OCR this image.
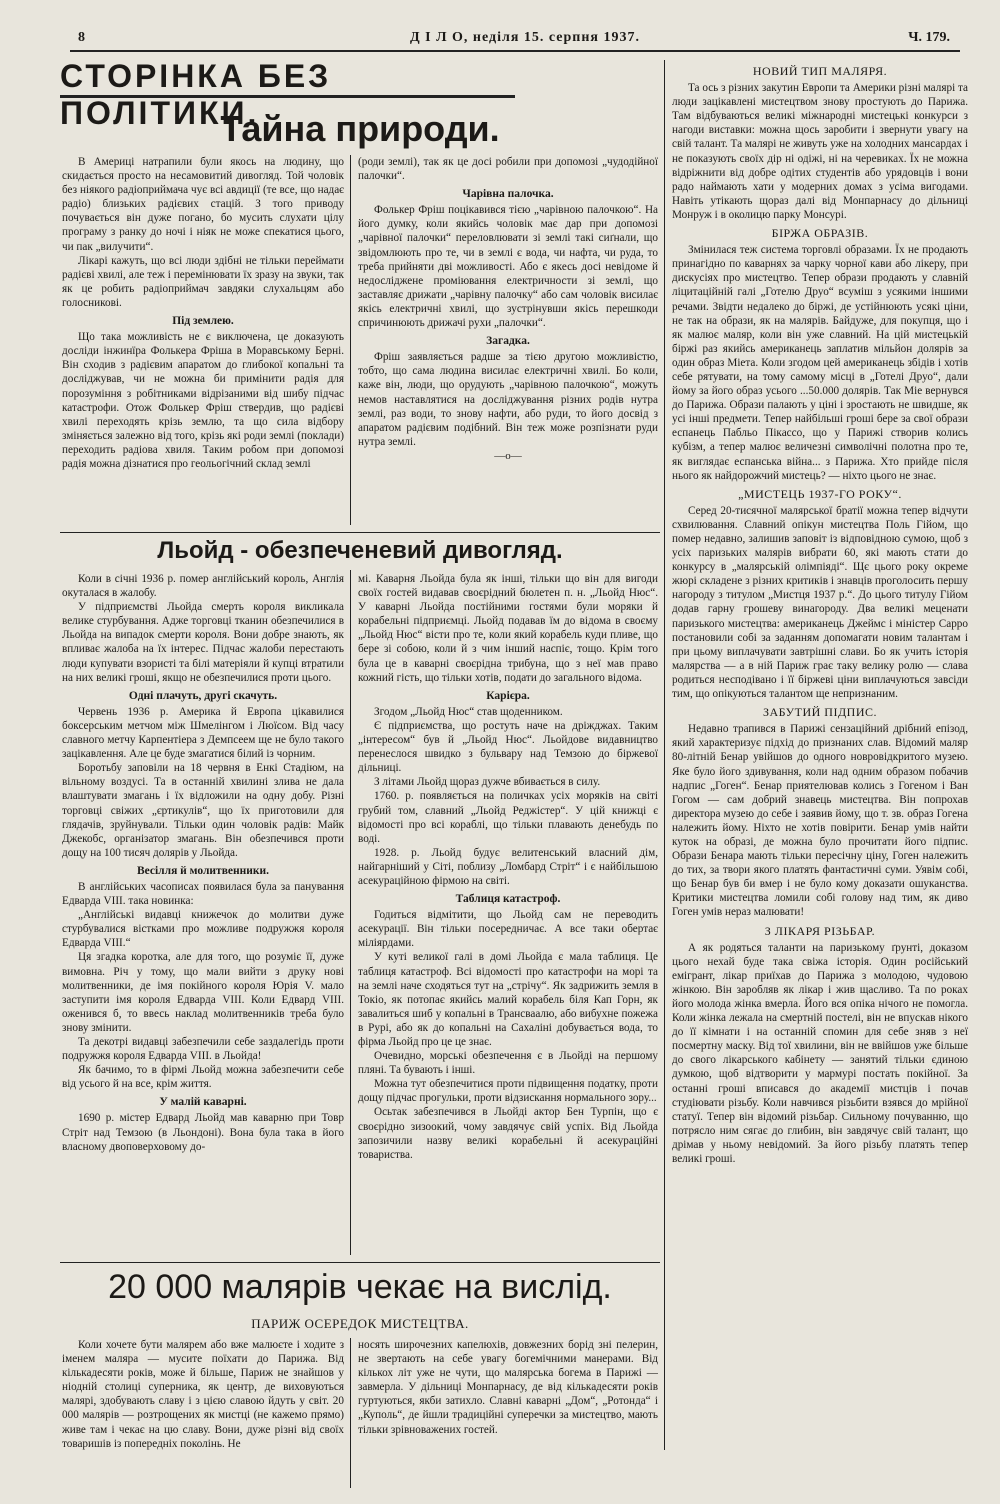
8	Д І Л О, неділя 15. серпня 1937.	Ч. 179.
СТОРІНКА БЕЗ ПОЛІТИКИ.
Тайна природи.

В Америці натрапили були якось на людину, що скидається просто на несамовитий дивогляд. Той чоловік без ніякого радіоприймача чує всі авдиції (те все, що надає радіо) близьких радієвих стацій. З того приводу почувається він дуже погано, бо мусить слухати цілу програму з ранку до ночі і ніяк не може спекатися цього, чи пак „вилучити“.

Лікарі кажуть, що всі люди здібні не тільки переймати радієві хвилі, але теж і перемінювати їх зразу на звуки, так як це робить радіоприймач завдяки слухальцям або голосникові.

Під землею.

Що така можливість не є виключена, це доказують досліди інжинїра Фолькера Фріша в Моравському Берні. Він сходив з радієвим апаратом до глибокої копальні та досліджував, чи не можна би примінити радія для порозуміння з робітниками відрізаними від шибу підчас катастрофи. Отож Фолькер Фріш ствердив, що радієві хвилі переходять крізь землю, та що сила відбору зміняється залежно від того, крізь які роди землі (поклади) переходить радіова хвиля. Таким робом при допомозі радія можна дізнатися про геольогічний склад землі

(роди землі), так як це досі робили при допомозі „чудодійної палочки“.

Чарівна палочка.

Фолькер Фріш поцікавився тією „чарівною палочкою“. На його думку, коли якийсь чоловік має дар при допомозі „чарівної палочки“ переловлювати зі землі такі сиґнали, що звідомлюють про те, чи в землі є вода, чи нафта, чи руда, то треба прийняти дві можливості. Або є якесь досі невідоме й недосліджене проміювання електричности зі землі, що заставляє дрижати „чарівну палочку“ або сам чоловік висилає якісь електричні хвилі, що зустрінувши якісь перешкоди спричинюють дрижачі рухи „палочки“.

Загадка.

Фріш заявляється радше за тією другою можливістю, тобто, що сама людина висилає електричні хвилі. Бо коли, каже він, люди, що орудують „чарівною палочкою“, можуть немов наставлятися на досліджування різних родів нутра землі, раз води, то знову нафти, або руди, то його досвід з апаратом радієвим подібний. Він теж може розпізнати руди нутра землі.

—o—
Льойд - обезпеченевий дивогляд.

Коли в січні 1936 р. помер англійський король, Англія окуталася в жалобу.

У підприємстві Льойда смерть короля викликала велике стурбування. Адже торговці тканин обезпечилися в Льойда на випадок смерти короля. Вони добре знають, як впливає жалоба на їх інтерес. Підчас жалоби перестають люди купувати взористі та білі матеріяли й купці втратили на них великі гроші, якщо не обезпечилися проти цього.

Одні плачуть, другі скачуть.

Червень 1936 р. Америка й Европа цікавилися боксерським метчом між Шмелінгом і Люїсом. Від часу славного метчу Карпентіера з Демпсеем ще не було такого зацікавлення. Але це буде змагатися білий із чорним.

Боротьбу заповіли на 18 червня в Енкі Стадіюм, на вільному воздусі. Та в останній хвилині злива не дала влаштувати змагань і їх відложили на одну добу. Різні торговці свіжих „єртикулів“, що їх приготовили для глядачів, зруйнували. Тільки один чоловік радів: Майк Джекобс, організатор змагань. Він обезпечився проти дощу на 100 тисяч долярів у Льойда.

Весілля й молитвенники.

В англійських часописах появилася була за панування Едварда VIII. така новинка:

„Англійські видавці книжечок до молитви дуже стурбувалися вістками про можливе подружжя короля Едварда VIII.“

Ця згадка коротка, але для того, що розуміє її, дуже вимовна. Річ у тому, що мали вийти з друку нові молитвенники, де імя покійного короля Юрія V. мало заступити імя короля Едварда VIII. Коли Едвард VIII. оженився б, то ввесь наклад молитвенників треба було знову змінити.

Та декотрі видавці забезпечили себе заздалегідь проти подружжя короля Едварда VIII. в Льойда!

Як бачимо, то в фірмі Льойд можна забезпечити себе від усього й на все, крім життя.

У малій каварні.

1690 р. містер Едвард Льойд мав каварню при Товр Стріт над Темзою (в Льондоні). Вона була така в його власному двоповерховому до-

мі. Каварня Льойда була як інші, тільки що він для вигоди своїх гостей видавав своєрідний бюлетен п. н. „Льойд Нюс“. У каварні Льойда постійними гостями були моряки й корабельні підприємці. Льойд подавав їм до відома в своєму „Льойд Нюс“ вісти про те, коли який корабель куди пливе, що бере зі собою, коли й з чим інший наспіє, тощо. Крім того була це в каварні своєрідна трибуна, що з неї мав право кожний гість, що тільки хотів, подати до загального відома.

Карієра.

Згодом „Льойд Нюс“ став щоденником.

Є підприємства, що ростуть наче на дріжджах. Таким „інтересом“ був й „Льойд Нюс“. Льойдове видавництво перенеслося швидко з бульвару над Темзою до біржевої дільниці.

З літами Льойд щораз дужче вбивається в силу.

1760. р. появляється на поличках усіх моряків на світі грубий том, славний „Льойд Реджістер“. У цій книжці є відомості про всі кораблі, що тільки плавають денебудь по воді.

1928. р. Льойд будує велитенський власний дім, найгарніший у Сіті, поблизу „Ломбард Стріт“ і є найбільшою асекураційною фірмою на світі.

Таблиця катастроф.

Годиться відмітити, що Льойд сам не переводить асекурації. Він тільки посередничає. А все таки обертає міліярдами.

У куті великої галі в домі Льойда є мала таблиця. Це таблиця катастроф. Всі відомості про катастрофи на морі та на землі наче сходяться тут на „стрічу“. Як задрижить земля в Токіо, як потопає якийсь малий корабель біля Кап Горн, як завалиться шиб у копальні в Трансваалю, або вибухне пожежа в Рурі, або як до копальні на Сахаліні добувається вода, то фірма Льойд про це це знає.

Очевидно, морські обезпечення є в Льойді на першому пляні. Та бувають і інші.

Можна тут обезпечитися проти підвищення податку, проти дощу підчас прогульки, проти відзискання нормального зору...

Осьтак забезпечився в Льойді актор Бен Турпін, що є своєрідно зизоокий, чому завдячує свій успіх. Від Льойда запозичили назву великі корабельні й асекураційні товариства.

20 000 малярів чекає на вислід.
ПАРИЖ ОСЕРЕДОК МИСТЕЦТВА.

Коли хочете бути малярем або вже малюєте і ходите з іменем маляра — мусите поїхати до Парижа. Від кількадесяти років, може й більше, Париж не знайшов у ніодній столиці суперника, як центр, де виховуються малярі, здобувають славу і з цією славою йдуть у світ. 20 000 малярів — розтрощених як мистці (не кажемо прямо) живе там і чекає на цю славу. Вони, дуже різні від своїх товаришів із попередніх поколінь. Не

носять широчезних капелюхів, довжезних борід зні пелерин, не звертають на себе увагу богемічними манерами. Від кількох літ уже не чути, що малярська богема в Парижі — завмерла. У дільниці Монпарнасу, де від кількадесяти років гуртуються, якби затихло. Славні каварні „Дом“, „Ротонда“ і „Куполь“, де йшли традиційні суперечки за мистецтво, мають тільки зрівноважених гостей.

НОВИЙ ТИП МАЛЯРЯ.

Та ось з різних закутин Европи та Америки різні малярі та люди зацікавлені мистецтвом знову простують до Парижа. Там відбуваються великі міжнародні мистецькі конкурси з нагоди виставки: можна щось заробити і звернути увагу на свій талант. Та малярі не живуть уже на холодних мансардах і не показують своїх дір ні одіжі, ні на черевиках. Їх не можна відріжнити від добре одітих студентів або урядовців і вони радо наймають хати у модерних домах з усіма вигодами. Навіть утікають щораз далі від Монпарнасу до дільниці Монруж і в околицю парку Монсурі.

БІРЖА ОБРАЗІВ.

Змінилася теж система торговлі образами. Їх не продають принагідно по каварнях за чарку чорної кави або лікеру, при дискусіях про мистецтво. Тепер образи продають у славній ліцитаційній галі „Готелю Друо“ всуміш з усякими іншими речами. Звідти недалеко до біржі, де устійнюють усякі ціни, не так на образи, як на малярів. Байдуже, для покупця, що і як малює маляр, коли він уже славний. На цій мистецькій біржі раз якийсь американець заплатив мільйон долярів за один образ Міета. Коли згодом цей американець збідів і хотів себе рятувати, на тому самому місці в „Готелі Друо“, дали йому за його образ усього ...50.000 долярів. Так Міе вернувся до Парижа. Образи палають у ціні і зростають не швидше, як усі інші предмети. Тепер найбільші гроші бере за свої образи еспанець Пабльо Пікассо, що у Парижі створив колись кубізм, а тепер малює величезні символічні полотна про те, як виглядає еспанська війна... з Парижа. Хто прийде після нього як найдорожчий мистець? — ніхто цього не знає.

„МИСТЕЦЬ 1937-ГО РОКУ“.

Серед 20-тисячної малярської братії можна тепер відчути схвилювання. Славний опікун мистецтва Поль Гійом, що помер недавно, залишив заповіт із відповідною сумою, щоб з усіх паризьких малярів вибрати 60, які мають стати до конкурсу в „малярській олімпіяді“. Щє цього року окреме жюрі складене з різних критиків і знавців проголосить першу нагороду з титулом „Мистця 1937 р.“. До цього титулу Гійом додав гарну грошеву винагороду. Два великі меценати паризького мистецтва: американець Джеймс і міністер Сарро постановили собі за заданням допомагати новим талантам і при цьому виплачувати завтрішні слави. Бо як учить історія малярства — а в ній Париж грає таку велику ролю — слава родиться несподівано і її біржеві ціни виплачуються завсіди тим, що опікуються талантом ще непризнаним.

ЗАБУТИЙ ПІДПИС.

Недавно трапився в Парижі сензаційний дрібний епізод, який характеризує підхід до признаних слав. Відомий маляр 80-літній Бенар увійшов до одного новровідкритого музею. Яке було його здивування, коли над одним образом побачив надпис „Гоген“. Бенар приятелював колись з Гогеном і Ван Гогом — сам добрий знавець мистецтва. Він попрохав директора музею до себе і заявив йому, що т. зв. образ Гогена належить йому. Ніхто не хотів повірити. Бенар умів найти куток на образі, де можна було прочитати його підпис. Образи Бенара мають тільки пересічну ціну, Гоген належить до тих, за твори якого платять фантастичні суми. Уявім собі, що Бенар був би вмер і не було кому доказати ошуканства. Критики мистецтва ломили собі голову над тим, як диво Гоген умів нераз малювати!

З ЛІКАРЯ РІЗЬБАР.

А як родяться таланти на паризькому ґрунті, доказом цього нехай буде така свіжа історія. Один російський емігрант, лікар приїхав до Парижа з молодою, чудовою жінкою. Він заробляв як лікар і жив щасливо. Та по роках його молода жінка вмерла. Його вся опіка нічого не помогла. Коли жінка лежала на смертній постелі, він не впускав нікого до її кімнати і на останній спомин для себе зняв з неї посмертну маску. Від тої хвилини, він не ввійшов уже більше до свого лікарського кабінету — занятий тільки єдиною думкою, щоб відтворити у мармурі постать покійної. За останні гроші вписався до академії мистців і почав студіювати різьбу. Коли навчився різьбити взявся до мрійної статуї. Тепер він відомий різьбар. Сильному почуванню, що потрясло ним сягає до глибин, він завдячує свій талант, що дрімав у ньому невідомий. За його різьбу платять тепер великі гроші.
